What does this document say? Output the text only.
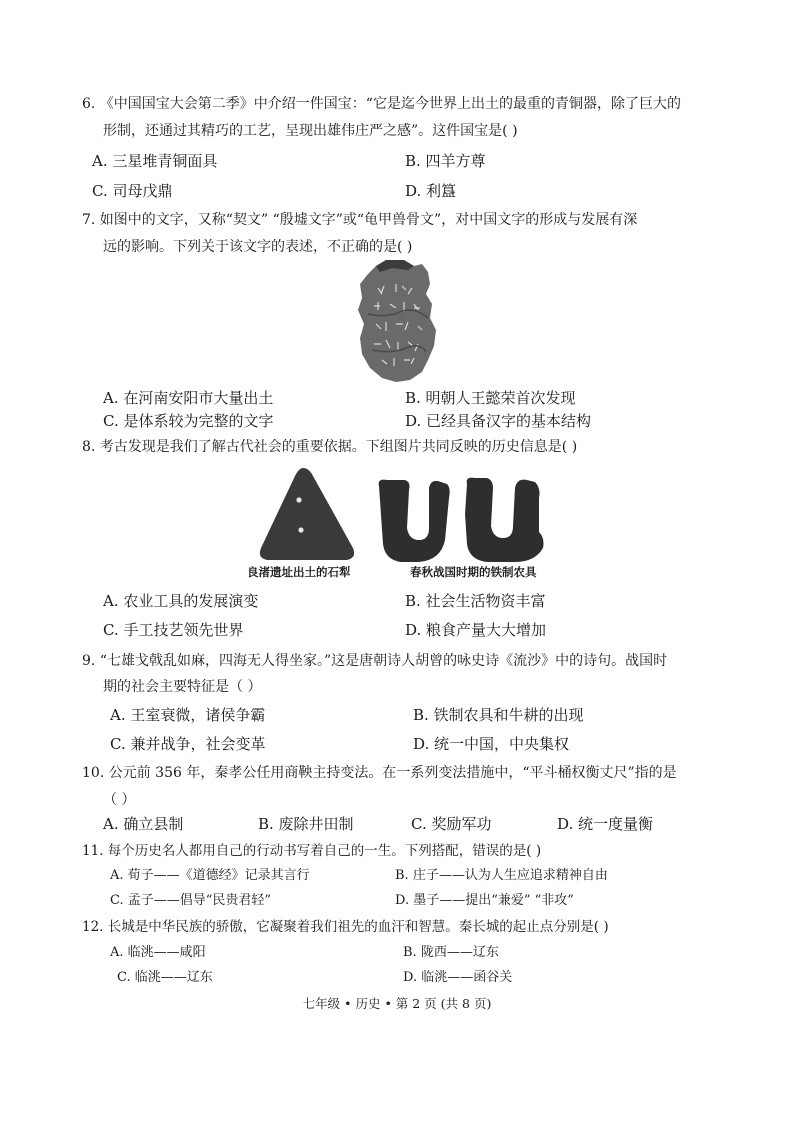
6. 《中国国宝大会第二季》中介绍一件国宝：“它是迄今世界上出土的最重的青铜器，除了巨大的
形制，还通过其精巧的工艺，呈现出雄伟庄严之感”。这件国宝是( )
A. 三星堆青铜面具	B. 四羊方尊
C. 司母戊鼎	D. 利簋
7. 如图中的文字，又称“契文” “殷墟文字”或“龟甲兽骨文”，对中国文字的形成与发展有深
远的影响。下列关于该文字的表述，不正确的是( )
A. 在河南安阳市大量出土	B. 明朝人王懿荣首次发现
C. 是体系较为完整的文字	D. 已经具备汉字的基本结构
8. 考古发现是我们了解古代社会的重要依据。下组图片共同反映的历史信息是( )
良渚遗址出土的石犁	春秋战国时期的铁制农具
A. 农业工具的发展演变	B. 社会生活物资丰富
C. 手工技艺领先世界	D. 粮食产量大大增加
9. “七雄戈戟乱如麻，四海无人得坐家。”这是唐朝诗人胡曾的咏史诗《流沙》中的诗句。战国时
期的社会主要特征是（ ）
A. 王室衰微，诸侯争霸	B. 铁制农具和牛耕的出现
C. 兼并战争，社会变革	D. 统一中国，中央集权
10. 公元前 356 年，秦孝公任用商鞅主持变法。在一系列变法措施中，“平斗桶权衡丈尺”指的是
（ ）
A. 确立县制	B. 废除井田制	C. 奖励军功	D. 统一度量衡
11. 每个历史名人都用自己的行动书写着自己的一生。下列搭配，错误的是( )
A. 荀子——《道德经》记录其言行	B. 庄子——认为人生应追求精神自由
C. 孟子——倡导“民贵君轻”	D. 墨子——提出“兼爱” “非攻”
12. 长城是中华民族的骄傲，它凝聚着我们祖先的血汗和智慧。秦长城的起止点分别是( )
A. 临洮——咸阳	B. 陇西——辽东
C. 临洮——辽东	D. 临洮——函谷关
七年级 • 历史 • 第 2 页 (共 8 页)
